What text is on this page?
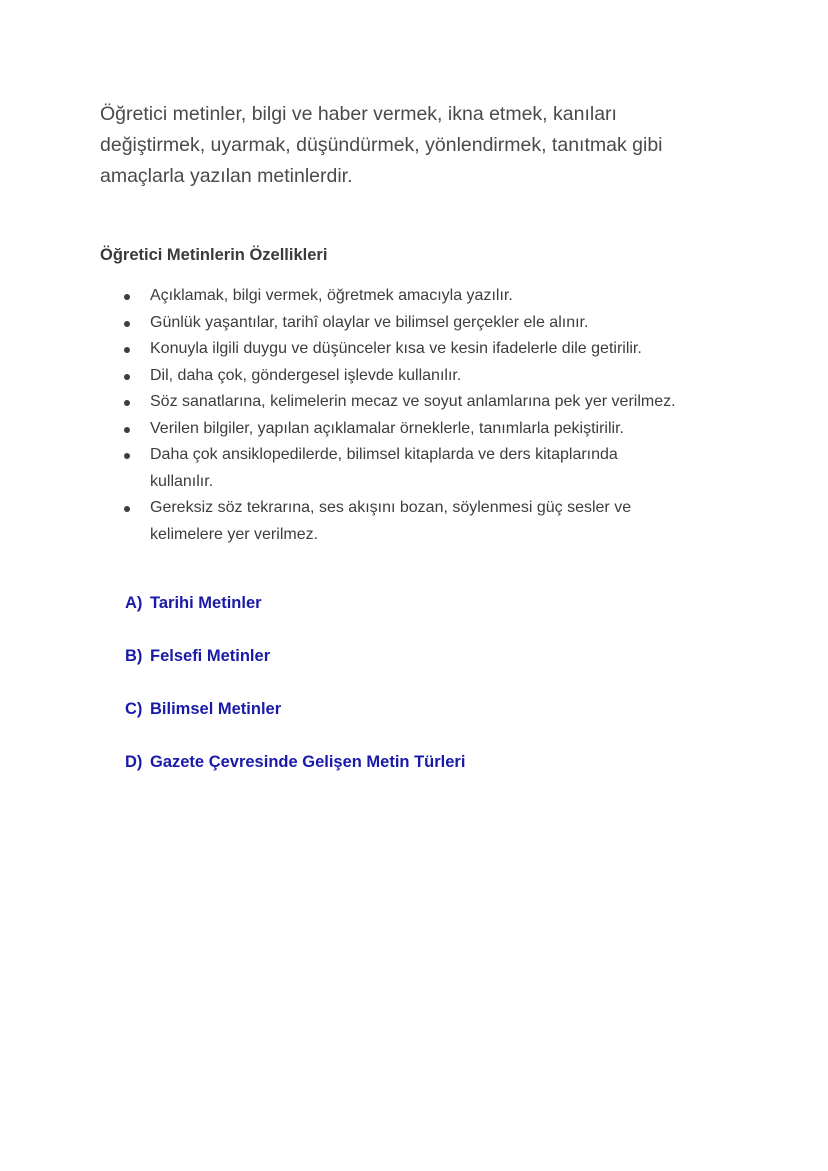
Öğretici metinler, bilgi ve haber vermek, ikna etmek, kanıları
değiştirmek, uyarmak, düşündürmek, yönlendirmek, tanıtmak gibi
amaçlarla yazılan metinlerdir.

Öğretici Metinlerin Özellikleri
Açıklamak, bilgi vermek, öğretmek amacıyla yazılır.
Günlük yaşantılar, tarihî olaylar ve bilimsel gerçekler ele alınır.
Konuyla ilgili duygu ve düşünceler kısa ve kesin ifadelerle dile getirilir.
Dil, daha çok, göndergesel işlevde kullanılır.
Söz sanatlarına, kelimelerin mecaz ve soyut anlamlarına pek yer verilmez.
Verilen bilgiler, yapılan açıklamalar örneklerle, tanımlarla pekiştirilir.
Daha çok ansiklopedilerde, bilimsel kitaplarda ve ders kitaplarında
kullanılır.
Gereksiz söz tekrarına, ses akışını bozan, söylenmesi güç sesler ve
kelimelere yer verilmez.
A) Tarihi Metinler
B) Felsefi Metinler
C) Bilimsel Metinler
D) Gazete Çevresinde Gelişen Metin Türleri
